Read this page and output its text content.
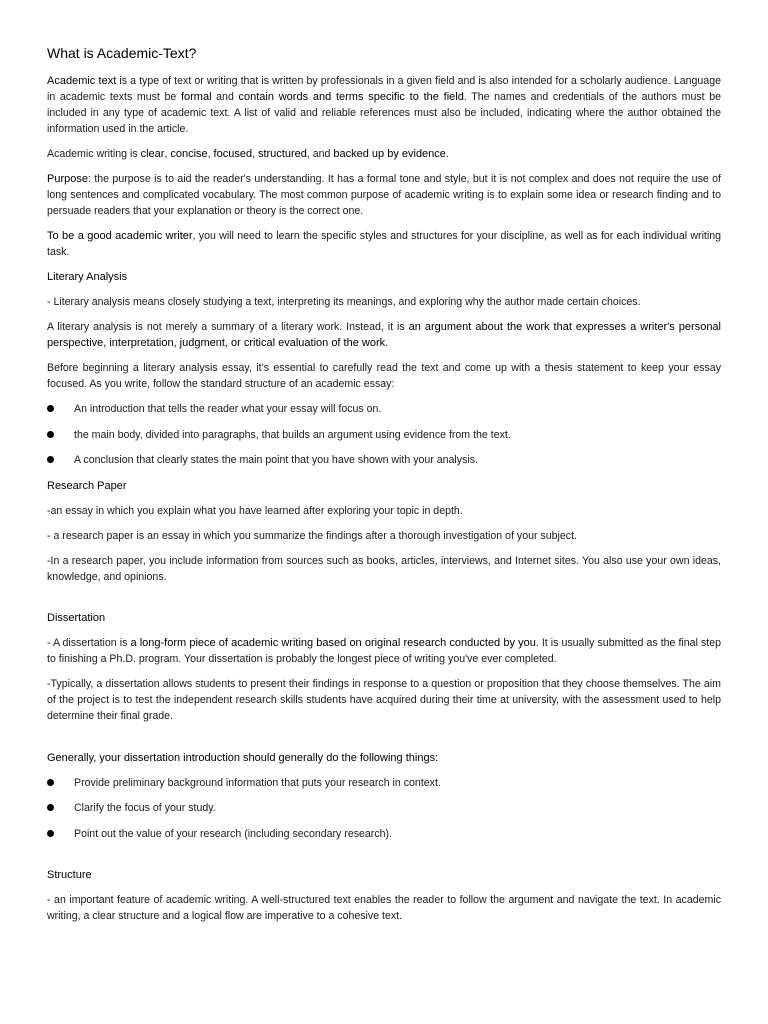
What is Academic-Text?

Academic text is a type of text or writing that is written by professionals in a given field and is also intended for a scholarly audience. Language in academic texts must be formal and contain words and terms specific to the field. The names and credentials of the authors must be included in any type of academic text. A list of valid and reliable references must also be included, indicating where the author obtained the information used in the article.

Academic writing is clear, concise, focused, structured, and backed up by evidence.

Purpose: the purpose is to aid the reader's understanding. It has a formal tone and style, but it is not complex and does not require the use of long sentences and complicated vocabulary. The most common purpose of academic writing is to explain some idea or research finding and to persuade readers that your explanation or theory is the correct one.

To be a good academic writer, you will need to learn the specific styles and structures for your discipline, as well as for each individual writing task.

Literary Analysis

- Literary analysis means closely studying a text, interpreting its meanings, and exploring why the author made certain choices.

A literary analysis is not merely a summary of a literary work. Instead, it is an argument about the work that expresses a writer's personal perspective, interpretation, judgment, or critical evaluation of the work.

Before beginning a literary analysis essay, it’s essential to carefully read the text and come up with a thesis statement to keep your essay focused. As you write, follow the standard structure of an academic essay:

An introduction that tells the reader what your essay will focus on.
the main body, divided into paragraphs, that builds an argument using evidence from the text.
A conclusion that clearly states the main point that you have shown with your analysis.
Research Paper

-an essay in which you explain what you have learned after exploring your topic in depth.

- a research paper is an essay in which you summarize the findings after a thorough investigation of your subject.

-In a research paper, you include information from sources such as books, articles, interviews, and Internet sites. You also use your own ideas, knowledge, and opinions.

Dissertation

- A dissertation is a long-form piece of academic writing based on original research conducted by you. It is usually submitted as the final step to finishing a Ph.D. program. Your dissertation is probably the longest piece of writing you've ever completed.

-Typically, a dissertation allows students to present their findings in response to a question or proposition that they choose themselves. The aim of the project is to test the independent research skills students have acquired during their time at university, with the assessment used to help determine their final grade.

Generally, your dissertation introduction should generally do the following things:
Provide preliminary background information that puts your research in context.
Clarify the focus of your study.
Point out the value of your research (including secondary research).
Structure

- an important feature of academic writing. A well-structured text enables the reader to follow the argument and navigate the text. In academic writing, a clear structure and a logical flow are imperative to a cohesive text.
